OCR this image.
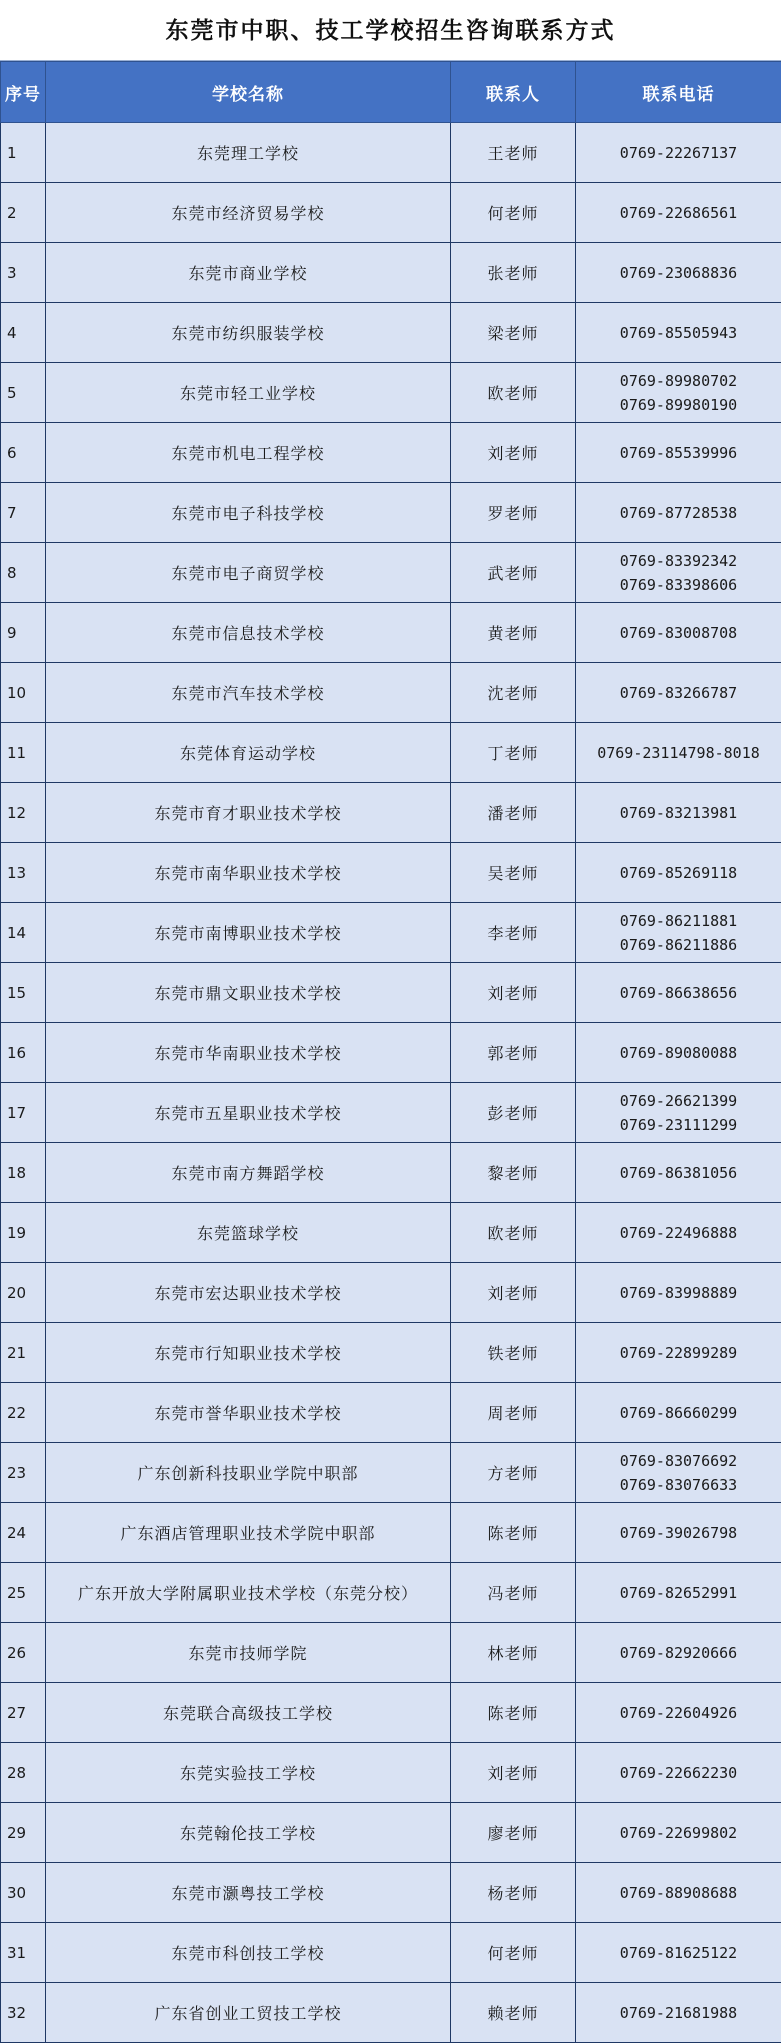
东莞市中职、技工学校招生咨询联系方式
序号	学校名称	联系人	联系电话
1	东莞理工学校	王老师	0769-22267137

2	东莞市经济贸易学校	何老师	0769-22686561

3	东莞市商业学校	张老师	0769-23068836

4	东莞市纺织服装学校	梁老师	0769-85505943

5	东莞市轻工业学校	欧老师	0769-89980702
0769-89980190

6	东莞市机电工程学校	刘老师	0769-85539996

7	东莞市电子科技学校	罗老师	0769-87728538

8	东莞市电子商贸学校	武老师	0769-83392342
0769-83398606

9	东莞市信息技术学校	黄老师	0769-83008708

10	东莞市汽车技术学校	沈老师	0769-83266787

11	东莞体育运动学校	丁老师	0769-23114798-8018

12	东莞市育才职业技术学校	潘老师	0769-83213981

13	东莞市南华职业技术学校	吴老师	0769-85269118

14	东莞市南博职业技术学校	李老师	0769-86211881
0769-86211886

15	东莞市鼎文职业技术学校	刘老师	0769-86638656

16	东莞市华南职业技术学校	郭老师	0769-89080088

17	东莞市五星职业技术学校	彭老师	0769-26621399
0769-23111299

18	东莞市南方舞蹈学校	黎老师	0769-86381056

19	东莞篮球学校	欧老师	0769-22496888

20	东莞市宏达职业技术学校	刘老师	0769-83998889

21	东莞市行知职业技术学校	铁老师	0769-22899289

22	东莞市誉华职业技术学校	周老师	0769-86660299

23	广东创新科技职业学院中职部	方老师	0769-83076692
0769-83076633

24	广东酒店管理职业技术学院中职部	陈老师	0769-39026798

25	广东开放大学附属职业技术学校（东莞分校）	冯老师	0769-82652991

26	东莞市技师学院	林老师	0769-82920666

27	东莞联合高级技工学校	陈老师	0769-22604926

28	东莞实验技工学校	刘老师	0769-22662230

29	东莞翰伦技工学校	廖老师	0769-22699802

30	东莞市灏粤技工学校	杨老师	0769-88908688

31	东莞市科创技工学校	何老师	0769-81625122

32	广东省创业工贸技工学校	赖老师	0769-21681988
